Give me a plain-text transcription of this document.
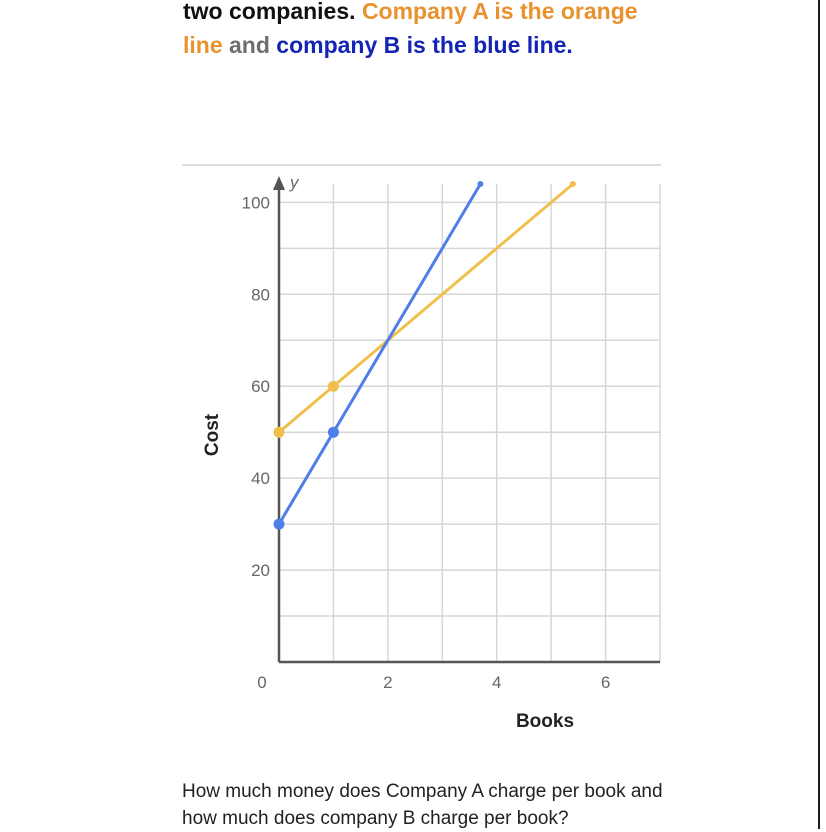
two companies. Company A is the orange line and company B is the blue line.
y
20
40
60
80
100
0	2	4	6
Books
Cost
How much money does Company A charge per book and how much does company B charge per book?
